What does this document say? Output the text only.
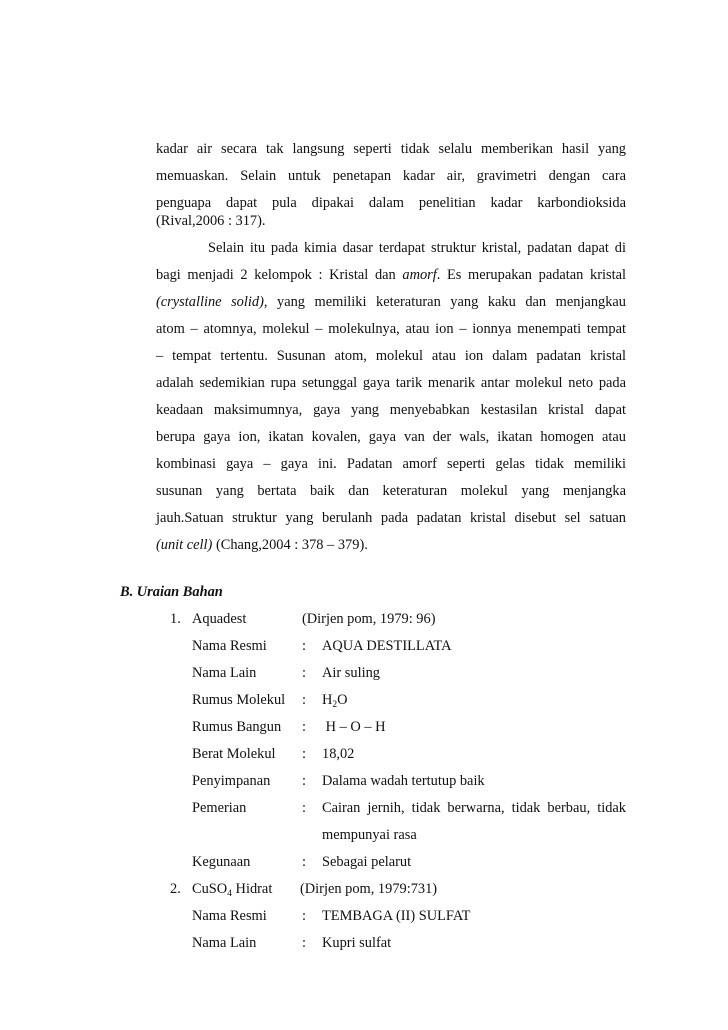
kadar air secara tak langsung seperti tidak selalu memberikan hasil yang
memuaskan. Selain untuk penetapan kadar air, gravimetri dengan cara
penguapa dapat pula dipakai dalam penelitian kadar karbondioksida
(Rival,2006 : 317).
Selain itu pada kimia dasar terdapat struktur kristal, padatan dapat di
bagi menjadi 2 kelompok : Kristal dan amorf. Es merupakan padatan kristal
(crystalline solid), yang memiliki keteraturan yang kaku dan menjangkau
atom – atomnya, molekul – molekulnya, atau ion – ionnya menempati tempat
– tempat tertentu. Susunan atom, molekul atau ion dalam padatan kristal
adalah sedemikian rupa setunggal gaya tarik menarik antar molekul neto pada
keadaan maksimumnya, gaya yang menyebabkan kestasilan kristal dapat
berupa gaya ion, ikatan kovalen, gaya van der wals, ikatan homogen atau
kombinasi gaya – gaya ini. Padatan amorf seperti gelas tidak memiliki
susunan yang bertata baik dan keteraturan molekul yang menjangka
jauh.Satuan struktur yang berulanh pada padatan kristal disebut sel satuan
(unit cell) (Chang,2004 : 378 – 379).
B. Uraian Bahan
1. Aquadest	(Dirjen pom, 1979: 96)
Nama Resmi : AQUA DESTILLATA
Nama Lain	: Air suling
Rumus Molekul : $H_2O$
Rumus Bangun : H – O – H
Berat Molekul : 18,02
Penyimpanan : Dalama wadah tertutup baik
Pemerian	: Cairan jernih, tidak berwarna, tidak berbau, tidak
mempunyai rasa
Kegunaan	: Sebagai pelarut
2. CuSO$_4$ Hidrat (Dirjen pom, 1979:731)
Nama Resmi : TEMBAGA (II) SULFAT
Nama Lain	: Kupri sulfat
